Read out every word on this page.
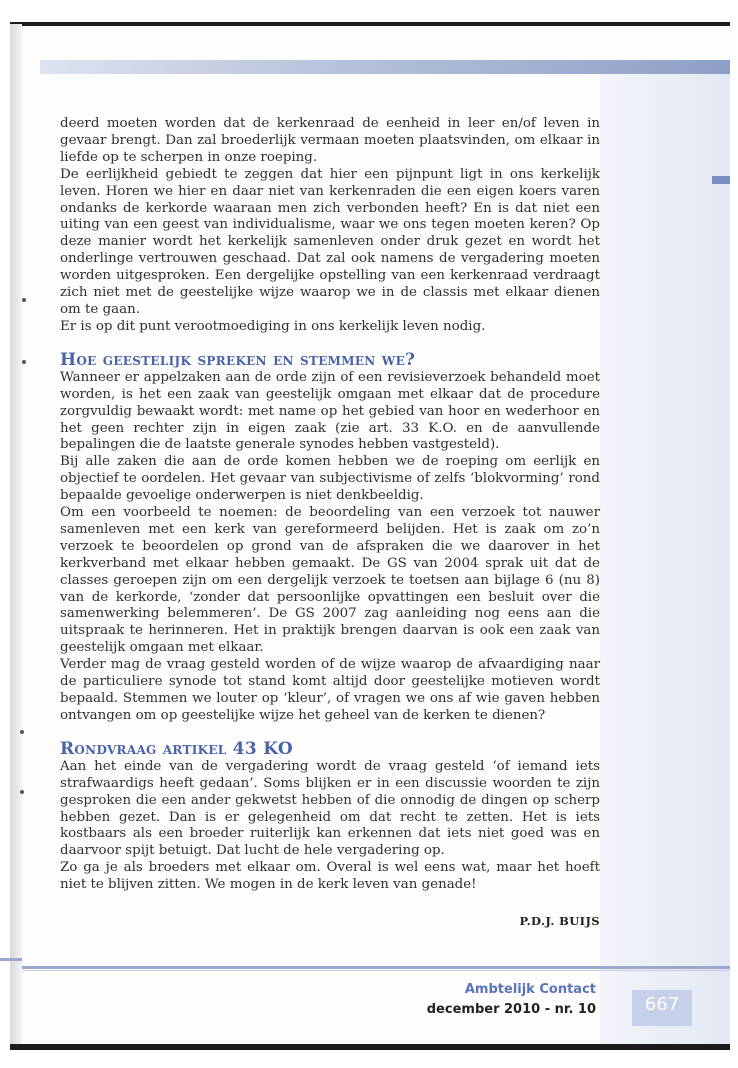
deerd moeten worden dat de kerkenraad de eenheid in leer en/of leven in gevaar brengt. Dan zal broederlijk vermaan moeten plaatsvinden, om elkaar in liefde op te scherpen in onze roeping.

De eerlijkheid gebiedt te zeggen dat hier een pijnpunt ligt in ons kerkelijk leven. Horen we hier en daar niet van kerkenraden die een eigen koers varen ondanks de kerkorde waaraan men zich verbonden heeft? En is dat niet een uiting van een geest van individualisme, waar we ons tegen moeten keren? Op deze manier wordt het kerkelijk samenleven onder druk gezet en wordt het onderlinge vertrouwen geschaad. Dat zal ook namens de vergadering moeten worden uitgesproken. Een dergelijke opstelling van een kerkenraad verdraagt zich niet met de geestelijke wijze waarop we in de classis met elkaar dienen om te gaan.

Er is op dit punt verootmoediging in ons kerkelijk leven nodig.

Hoe geestelijk spreken en stemmen we?

Wanneer er appelzaken aan de orde zijn of een revisieverzoek behandeld moet worden, is het een zaak van geestelijk omgaan met elkaar dat de procedure zorgvuldig bewaakt wordt: met name op het gebied van hoor en wederhoor en het geen rechter zijn in eigen zaak (zie art. 33 K.O. en de aanvullende bepalingen die de laatste generale synodes hebben vastgesteld).

Bij alle zaken die aan de orde komen hebben we de roeping om eerlijk en objectief te oordelen. Het gevaar van subjectivisme of zelfs ‘blokvorming’ rond bepaalde gevoelige onderwerpen is niet denkbeeldig.

Om een voorbeeld te noemen: de beoordeling van een verzoek tot nauwer samenleven met een kerk van gereformeerd belijden. Het is zaak om zo’n verzoek te beoordelen op grond van de afspraken die we daarover in het kerkverband met elkaar hebben gemaakt. De GS van 2004 sprak uit dat de classes geroepen zijn om een dergelijk verzoek te toetsen aan bijlage 6 (nu 8) van de kerkorde, ‘zonder dat persoonlijke opvattingen een besluit over die samenwerking belemmeren’. De GS 2007 zag aanleiding nog eens aan die uitspraak te herinneren. Het in praktijk brengen daarvan is ook een zaak van geestelijk omgaan met elkaar.

Verder mag de vraag gesteld worden of de wijze waarop de afvaardiging naar de particuliere synode tot stand komt altijd door geestelijke motieven wordt bepaald. Stemmen we louter op ‘kleur’, of vragen we ons af wie gaven hebben ontvangen om op geestelijke wijze het geheel van de kerken te dienen?

Rondvraag artikel 43 KO

Aan het einde van de vergadering wordt de vraag gesteld ‘of iemand iets strafwaardigs heeft gedaan’. Soms blijken er in een discussie woorden te zijn gesproken die een ander gekwetst hebben of die onnodig de dingen op scherp hebben gezet. Dan is er gelegenheid om dat recht te zetten. Het is iets kostbaars als een broeder ruiterlijk kan erkennen dat iets niet goed was en daarvoor spijt betuigt. Dat lucht de hele vergadering op.

Zo ga je als broeders met elkaar om. Overal is wel eens wat, maar het hoeft niet te blijven zitten. We mogen in de kerk leven van genade!

P.D.J. BUIJS
Ambtelijk Contact
december 2010 - nr. 10	667
